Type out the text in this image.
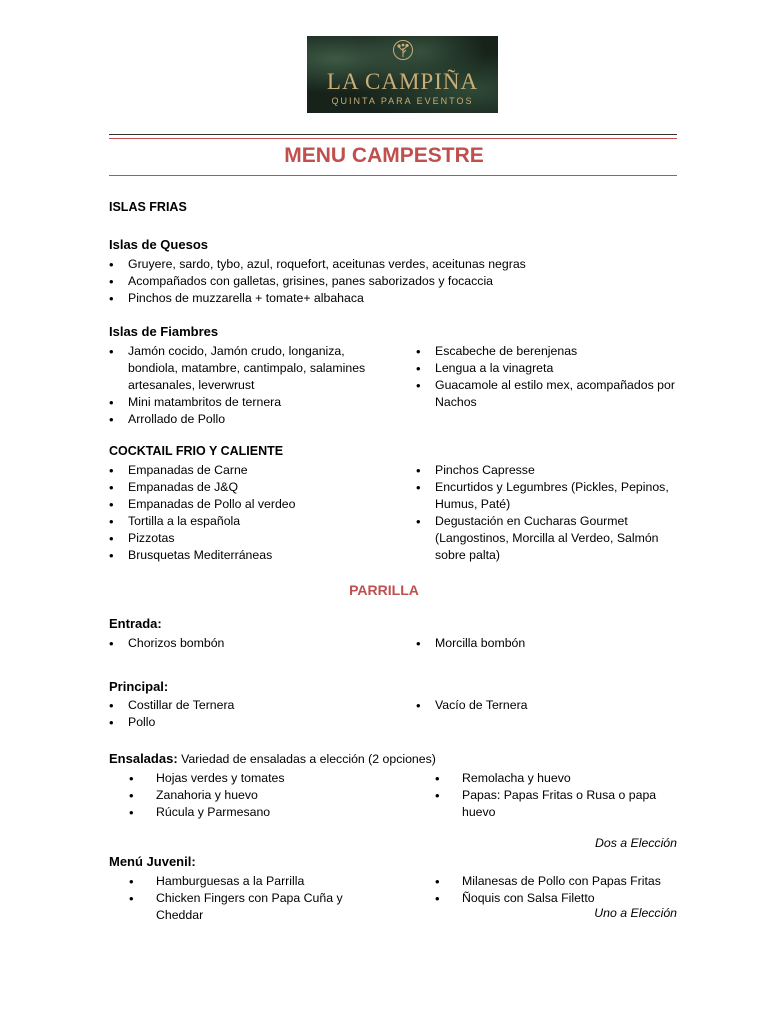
LA CAMPIÑA
QUINTA PARA EVENTOS
MENU CAMPESTRE
ISLAS FRIAS
Islas de Quesos
• Gruyere, sardo, tybo, azul, roquefort, aceitunas verdes, aceitunas negras
• Acompañados con galletas, grisines, panes saborizados y focaccia
• Pinchos de muzzarella + tomate+ albahaca
Islas de Fiambres
• Jamón cocido, Jamón crudo, longaniza, bondiola, matambre, cantimpalo, salamines artesanales, leverwrust
• Mini matambritos de ternera
• Arrollado de Pollo
• Escabeche de berenjenas
• Lengua a la vinagreta
• Guacamole al estilo mex, acompañados por Nachos
COCKTAIL FRIO Y CALIENTE
• Empanadas de Carne
• Empanadas de J&Q
• Empanadas de Pollo al verdeo
• Tortilla a la española
• Pizzotas
• Brusquetas Mediterráneas
• Pinchos Capresse
• Encurtidos y Legumbres (Pickles, Pepinos, Humus, Paté)
• Degustación en Cucharas Gourmet (Langostinos, Morcilla al Verdeo, Salmón sobre palta)
PARRILLA
Entrada:
• Chorizos bombón
•	Morcilla bombón
Principal:
• Costillar de Ternera
• Pollo
• Vacío de Ternera
Ensaladas: Variedad de ensaladas a elección (2 opciones)
• Hojas verdes y tomates
• Zanahoria y huevo
• Rúcula y Parmesano
• Remolacha y huevo
• Papas: Papas Fritas o Rusa o papa huevo
Dos a Elección
Menú Juvenil:
• Hamburguesas a la Parrilla
• Chicken Fingers con Papa Cuña y Cheddar
• Milanesas de Pollo con Papas Fritas
• Ñoquis con Salsa Filetto
Uno a Elección
